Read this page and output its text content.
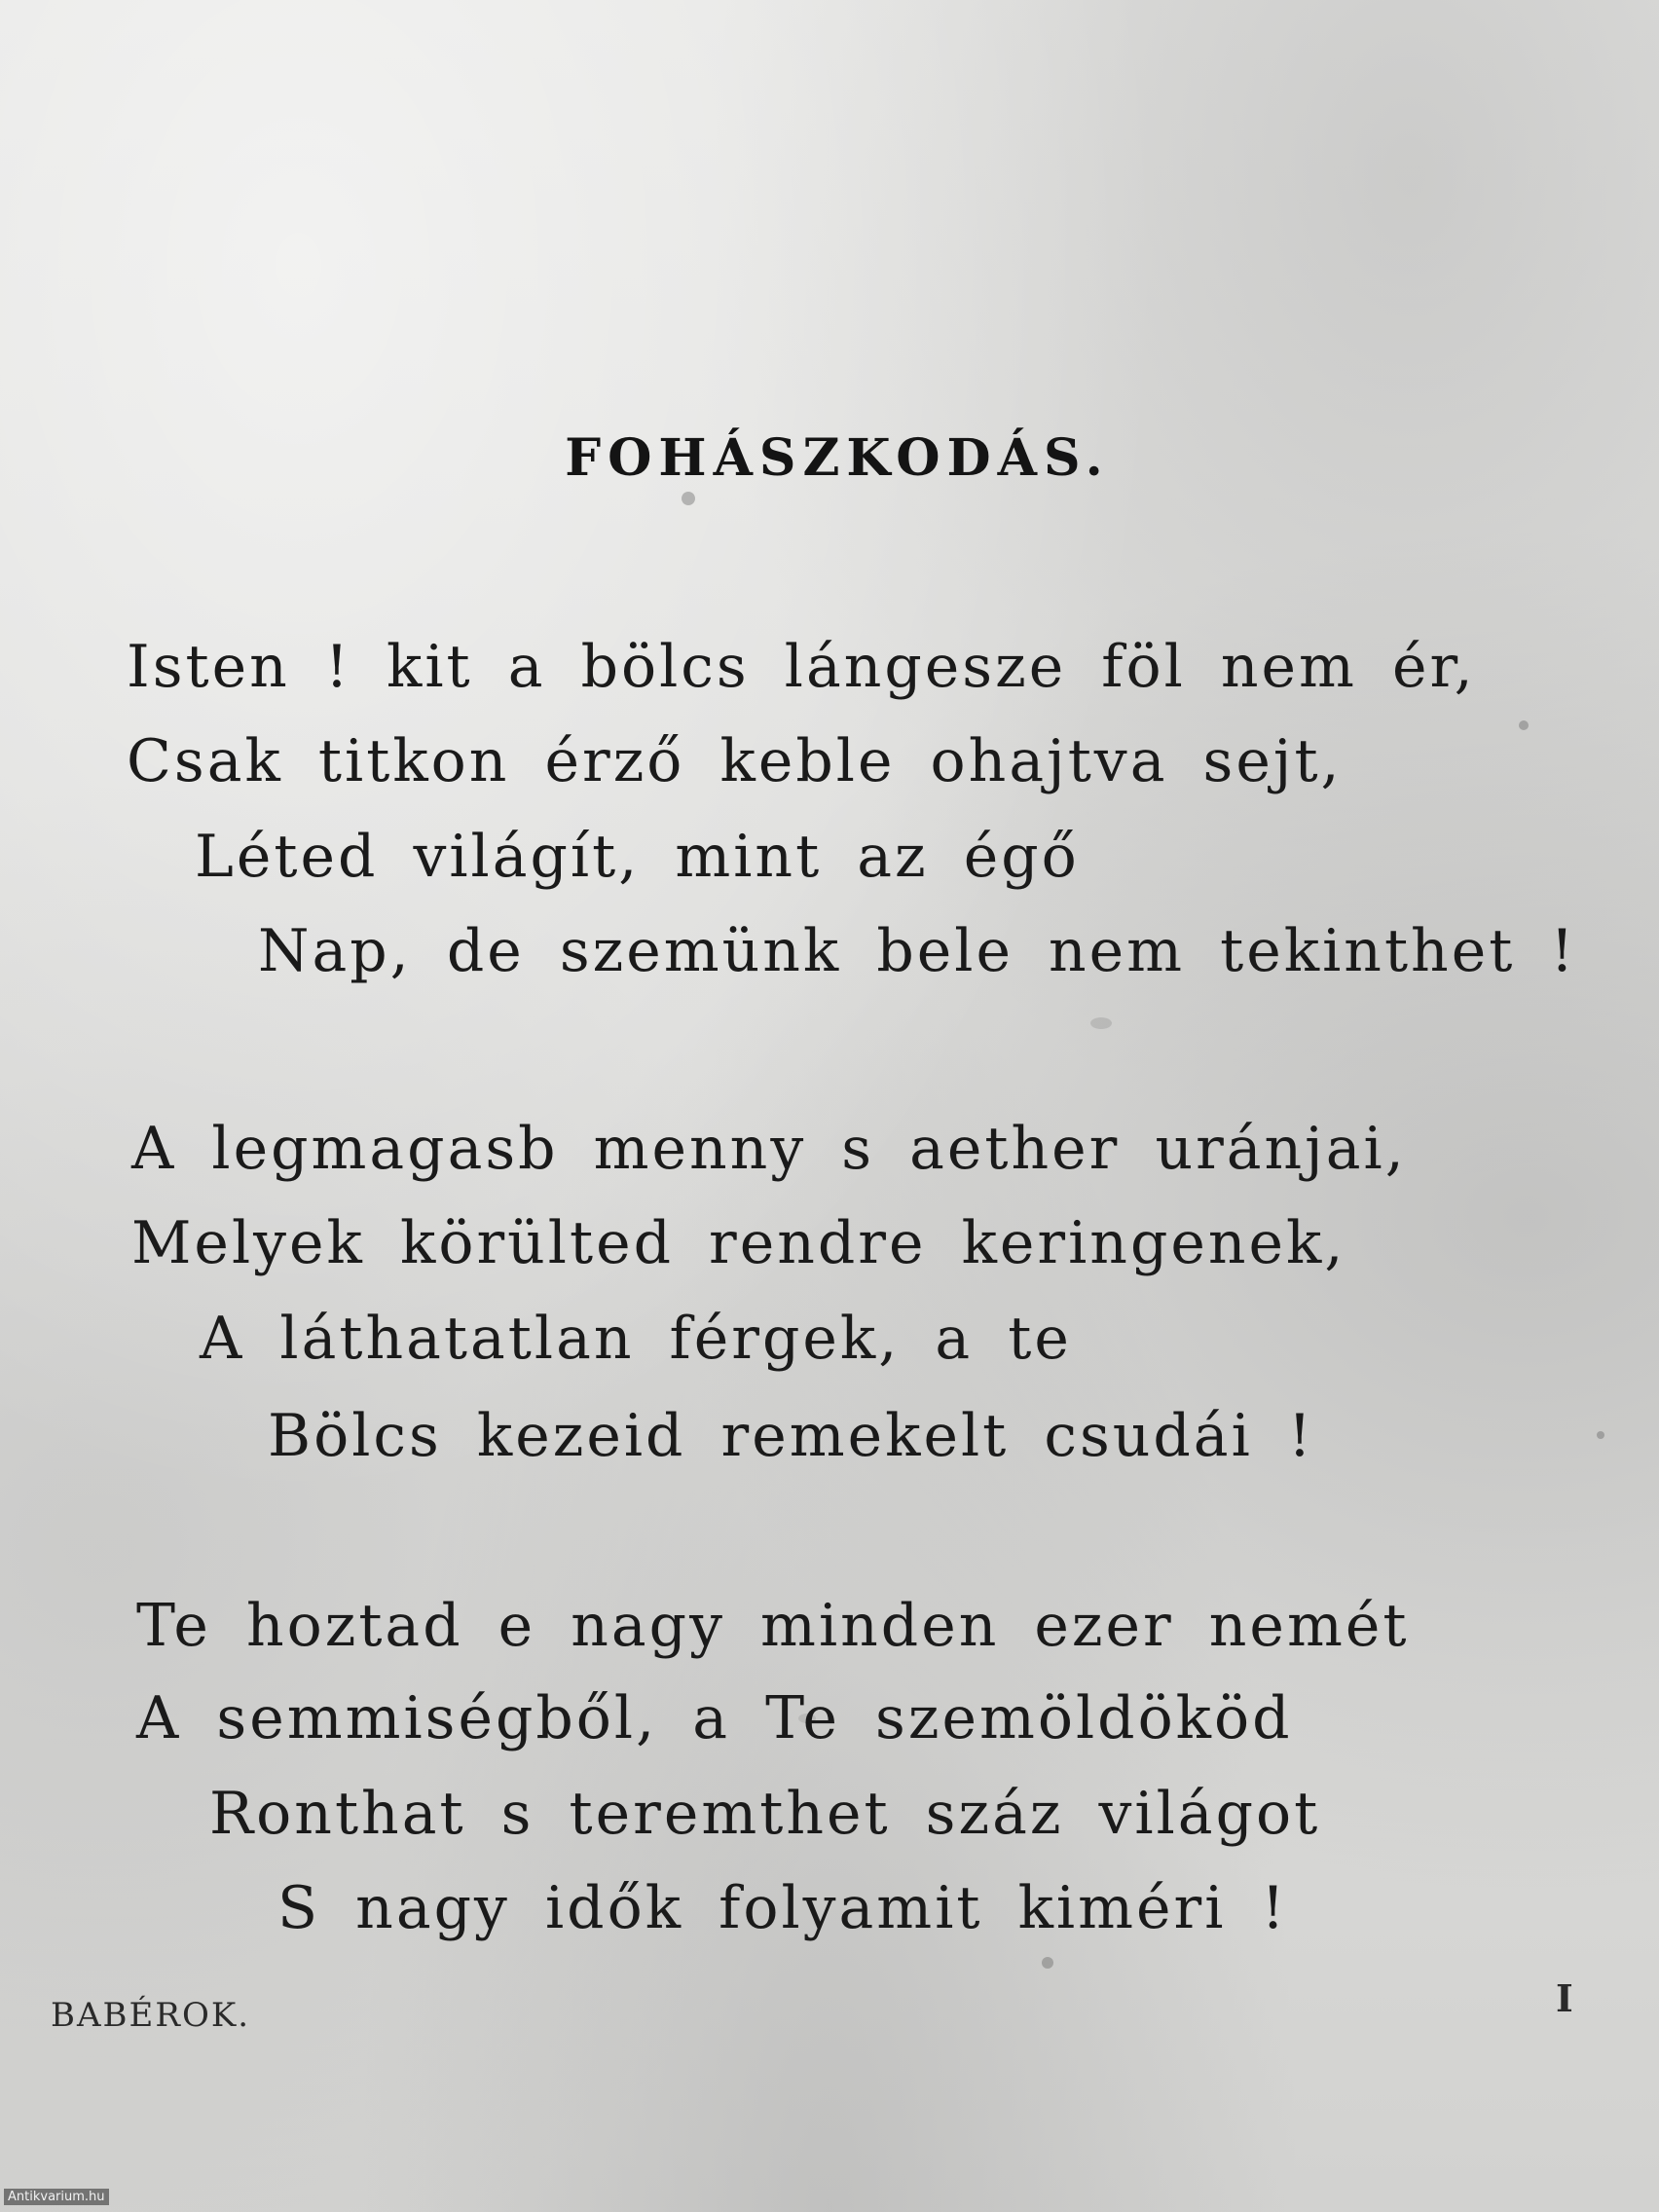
FOHÁSZKODÁS.
Isten ! kit a bölcs lángesze föl nem ér,
Csak titkon érző keble ohajtva sejt,
Léted világít, mint az égő
Nap, de szemünk bele nem tekinthet !
A legmagasb menny s aether uránjai,
Melyek körülted rendre keringenek,
A láthatatlan férgek, a te
Bölcs kezeid remekelt csudái !
Te hoztad e nagy minden ezer nemét
A semmiségből, a Te szemöldököd
Ronthat s teremthet száz világot
S nagy idők folyamit kiméri !
BABÉROK.	I
Antikvarium.hu
